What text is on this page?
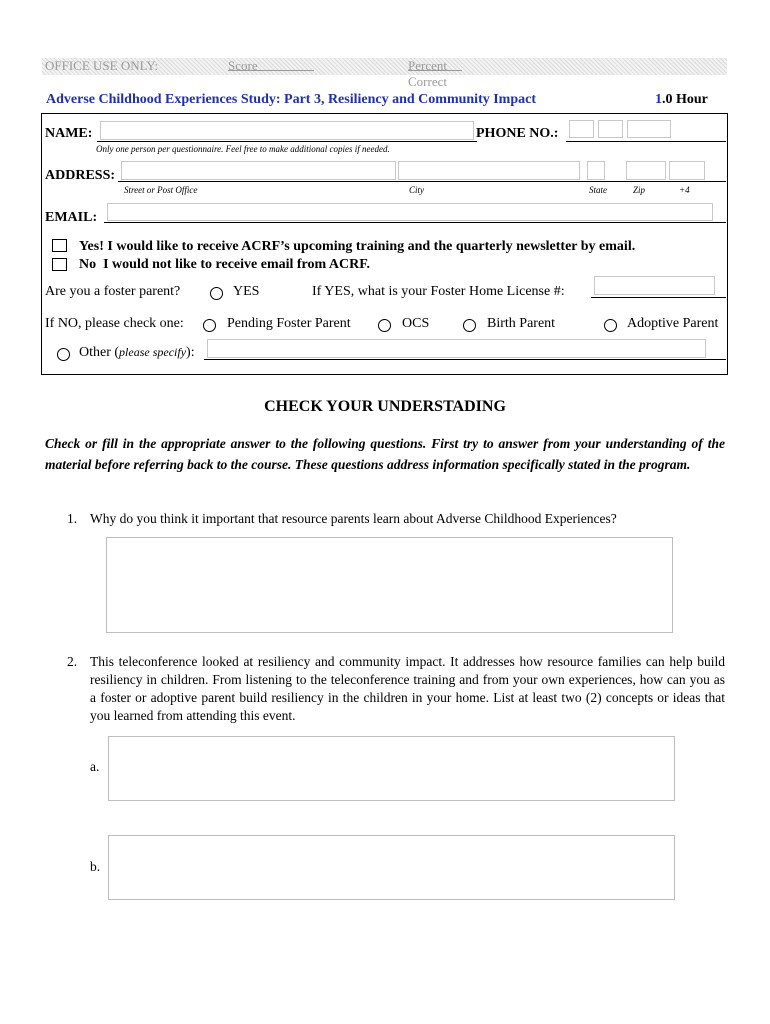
OFFICE USE ONLY:	Score	Percent Correct
Adverse Childhood Experiences Study: Part 3, Resiliency and Community Impact	1.0 Hour
NAME:	PHONE NO.:
Only one person per questionnaire. Feel free to make additional copies if needed.
ADDRESS:
Street or Post Office	City	State	Zip	+4
EMAIL:
Yes! I would like to receive ACRF’s upcoming training and the quarterly newsletter by email.
No  I would not like to receive email from ACRF.
Are you a foster parent?	YES	If YES, what is your Foster Home License #:
If NO, please check one:	Pending Foster Parent	OCS	Birth Parent	Adoptive Parent
Other (please specify):
CHECK YOUR UNDERSTADING
Check or fill in the appropriate answer to the following questions. First try to answer from your understanding of the material before referring back to the course. These questions address information specifically stated in the program.
1. Why do you think it important that resource parents learn about Adverse Childhood Experiences?
2. This teleconference looked at resiliency and community impact. It addresses how resource families can help build resiliency in children. From listening to the teleconference training and from your own experiences, how can you as a foster or adoptive parent build resiliency in the children in your home. List at least two (2) concepts or ideas that you learned from attending this event.
a.
b.
